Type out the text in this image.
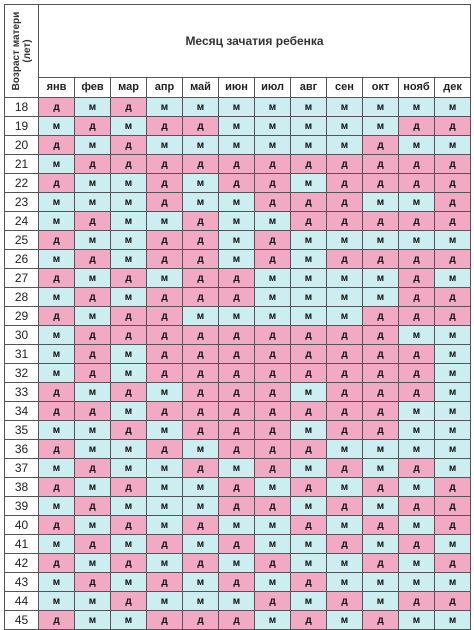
Возраст матери
(лет)	Месяц зачатия ребенка											
	янв	фев	мар	апр	май	июн	июл	авг	сен	окт	нояб	дек
18	д	м	д	м	м	м	м	м	м	м	м	м
19	м	д	м	д	д	м	м	м	м	м	д	д
20	д	м	д	м	м	м	м	м	м	д	м	м
21	м	д	д	д	д	д	д	д	д	д	д	д
22	д	м	м	д	м	д	д	м	д	д	д	д
23	м	м	м	д	м	м	д	д	д	м	м	д
24	м	д	м	м	д	м	м	д	д	д	д	д
25	д	м	м	д	д	м	д	м	м	м	м	м
26	м	д	м	д	д	м	д	м	д	д	д	д
27	д	м	д	м	д	д	м	м	м	м	д	м
28	м	д	м	д	д	д	м	м	м	м	д	д
29	д	м	д	д	м	м	м	м	м	д	д	д
30	м	д	д	д	д	д	д	д	д	д	м	м
31	м	д	м	д	д	д	д	д	д	д	д	м
32	м	д	м	д	д	д	д	д	д	д	д	м
33	д	м	д	м	д	д	д	м	д	д	д	м
34	д	д	м	д	д	д	д	д	д	д	м	м
35	м	м	д	м	д	д	д	м	д	д	м	м
36	д	м	м	д	м	д	д	д	м	м	м	м
37	м	д	м	м	д	м	д	м	д	м	д	м
38	д	м	д	м	м	д	м	д	м	д	м	д
39	м	д	м	м	м	д	д	м	д	м	д	д
40	д	м	д	м	д	м	м	д	м	д	м	д
41	м	д	м	д	м	д	м	м	д	м	д	м
42	д	м	д	м	д	м	д	м	м	д	м	д
43	м	д	м	д	м	д	м	д	м	м	м	м
44	м	м	д	м	м	м	д	м	д	м	д	д
45	д	м	м	д	д	д	м	д	м	д	м	м
